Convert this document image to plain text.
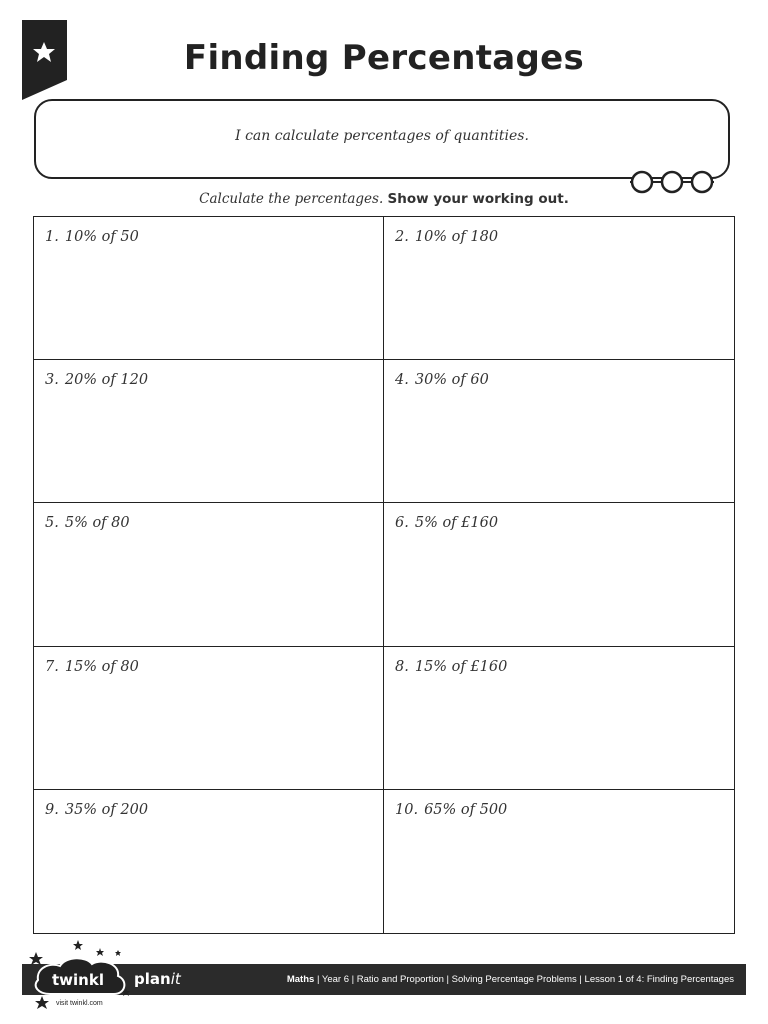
Finding Percentages
I can calculate percentages of quantities.
Calculate the percentages. Show your working out.
1. 10% of 50	2. 10% of 180
3. 20% of 120	4. 30% of 60
5. 5% of 80	6. 5% of £160
7. 15% of 80	8. 15% of £160
9. 35% of 200	10. 65% of 500
twinkl planit	Maths | Year 6 | Ratio and Proportion | Solving Percentage Problems | Lesson 1 of 4: Finding Percentages
visit twinkl.com
